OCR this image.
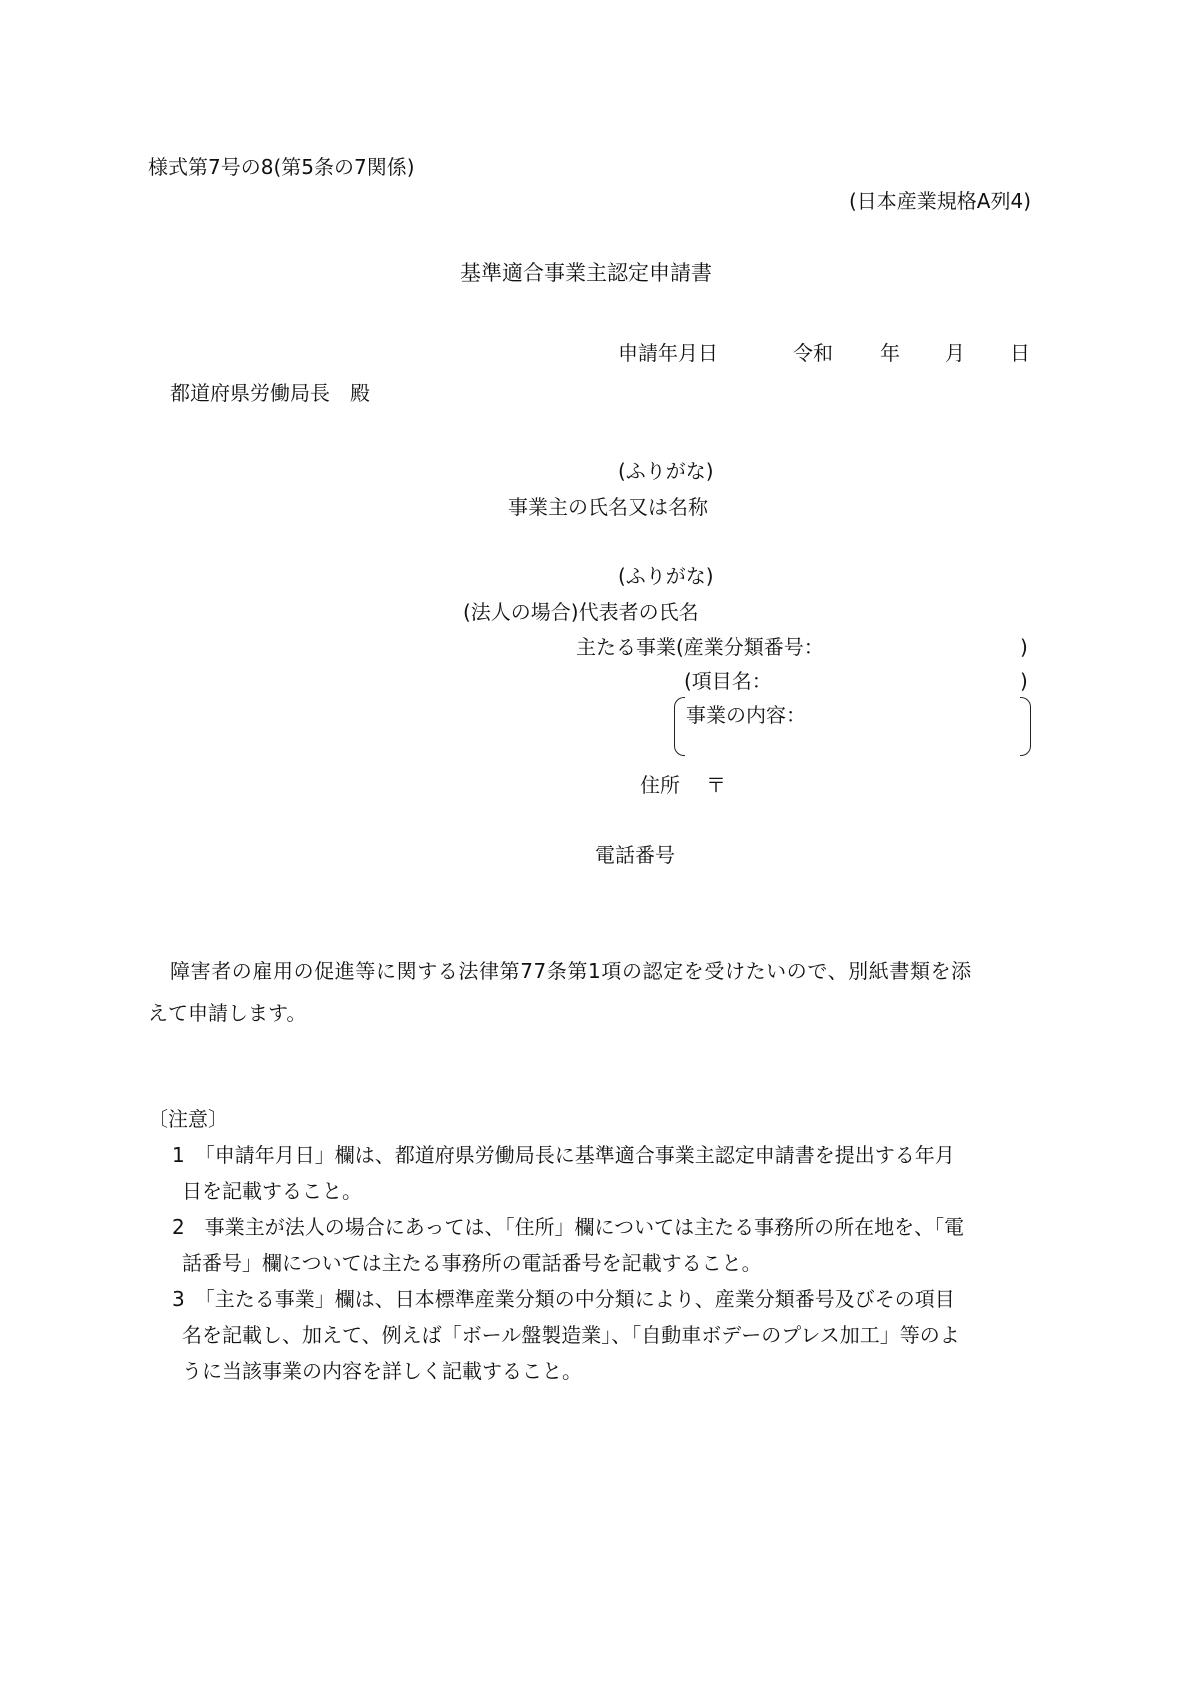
様式第7号の8(第5条の7関係)
(日本産業規格A列4)
基準適合事業主認定申請書
申請年月日	令和 年 月 日
都道府県労働局長　殿
(ふりがな)
事業主の氏名又は名称
(ふりがな)
(法人の場合)代表者の氏名
主たる事業(産業分類番号：	)
(項目名：	)
事業の内容：
住所 〒
電話番号
障害者の雇用の促進等に関する法律第77条第1項の認定を受けたいので、別紙書類を添
えて申請します。
〔注意〕
1　「申請年月日」欄は、都道府県労働局長に基準適合事業主認定申請書を提出する年月
日を記載すること。
2　事業主が法人の場合にあっては、「住所」欄については主たる事務所の所在地を、「電
話番号」欄については主たる事務所の電話番号を記載すること。
3　「主たる事業」欄は、日本標準産業分類の中分類により、産業分類番号及びその項目
名を記載し、加えて、例えば「ボール盤製造業」、「自動車ボデーのプレス加工」等のよ
うに当該事業の内容を詳しく記載すること。
